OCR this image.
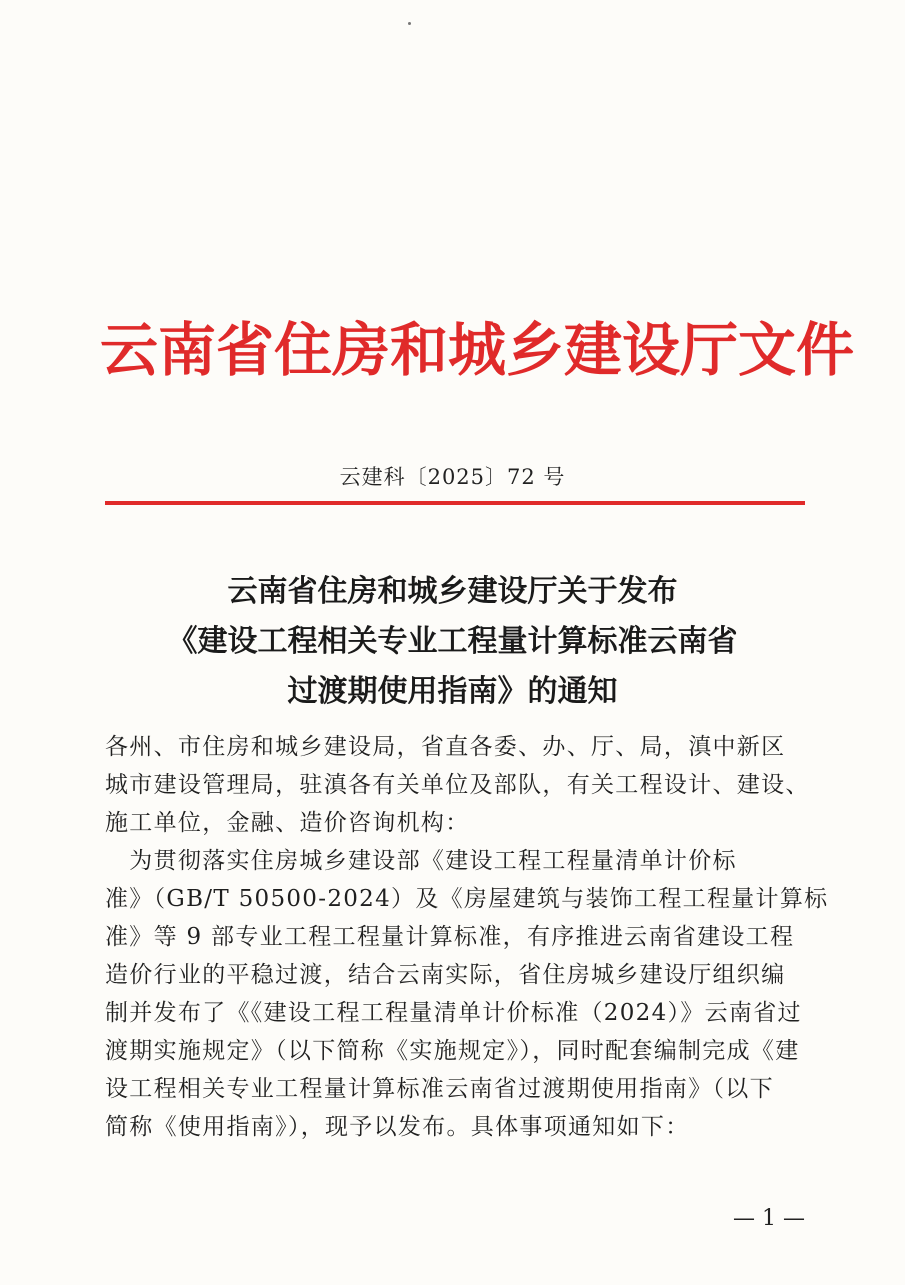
云南省住房和城乡建设厅文件
云建科〔2025〕72 号
云南省住房和城乡建设厅关于发布
《建设工程相关专业工程量计算标准云南省
过渡期使用指南》的通知
各州、市住房和城乡建设局，省直各委、办、厅、局，滇中新区
城市建设管理局，驻滇各有关单位及部队，有关工程设计、建设、
施工单位，金融、造价咨询机构：
　为贯彻落实住房城乡建设部《建设工程工程量清单计价标
准》（GB/T 50500-2024）及《房屋建筑与装饰工程工程量计算标
准》等 9 部专业工程工程量计算标准，有序推进云南省建设工程
造价行业的平稳过渡，结合云南实际，省住房城乡建设厅组织编
制并发布了《《建设工程工程量清单计价标准（2024）》云南省过
渡期实施规定》（以下简称《实施规定》），同时配套编制完成《建
设工程相关专业工程量计算标准云南省过渡期使用指南》（以下
简称《使用指南》），现予以发布。具体事项通知如下：
— 1 —
